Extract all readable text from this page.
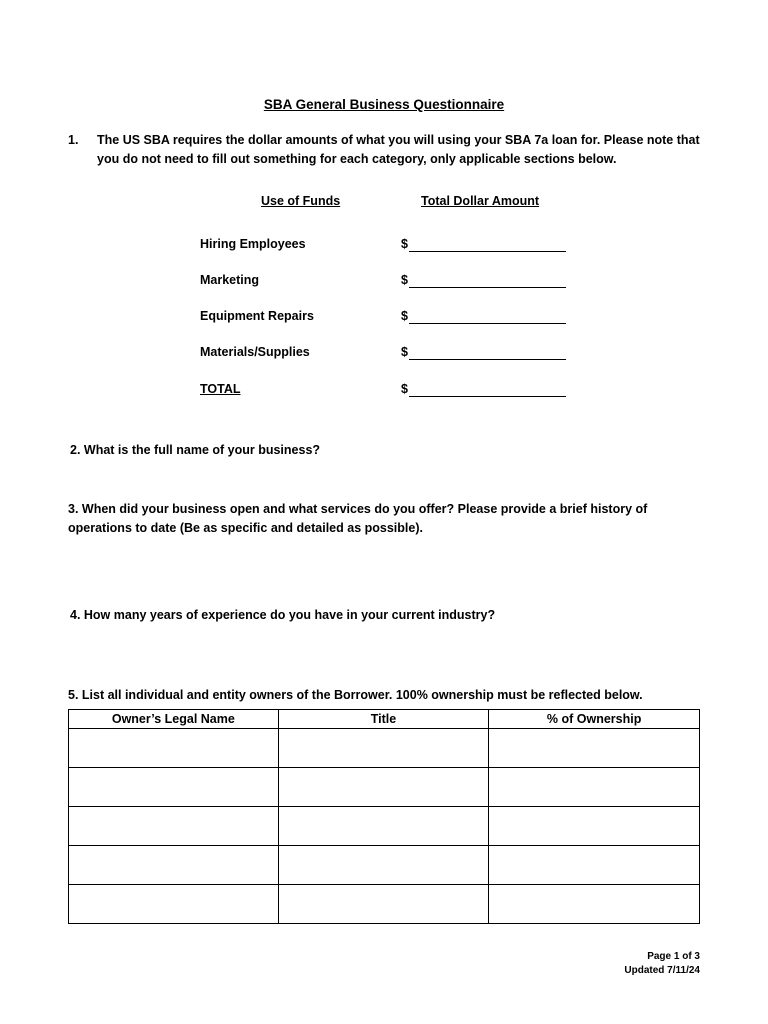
SBA General Business Questionnaire
1. The US SBA requires the dollar amounts of what you will using your SBA 7a loan for. Please note that you do not need to fill out something for each category, only applicable sections below.
Use of Funds	Total Dollar Amount
Hiring Employees	$
Marketing	$
Equipment Repairs	$
Materials/Supplies	$
TOTAL	$
2. What is the full name of your business?
3. When did your business open and what services do you offer? Please provide a brief history of operations to date (Be as specific and detailed as possible).
4. How many years of experience do you have in your current industry?
5. List all individual and entity owners of the Borrower. 100% ownership must be reflected below.
Owner’s Legal Name	Title	% of Ownership

Page 1 of 3
Updated 7/11/24
